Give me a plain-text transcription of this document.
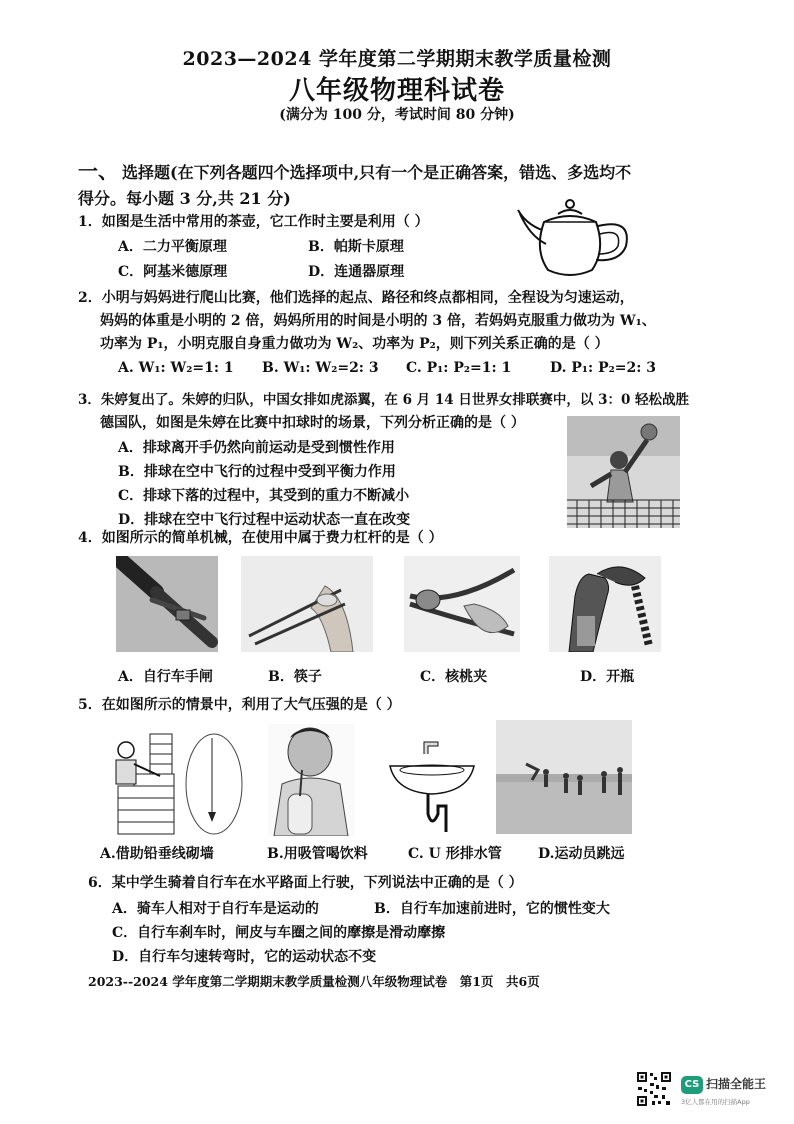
2023—2024 学年度第二学期期末教学质量检测
八年级物理科试卷
(满分为 100 分，考试时间 80 分钟)
一、 选择题(在下列各题四个选择项中,只有一个是正确答案，错选、多选均不
得分。每小题 3 分,共 21 分)
1．如图是生活中常用的茶壶，它工作时主要是利用（ ）
A．二力平衡原理	B．帕斯卡原理
C．阿基米德原理	D．连通器原理
2．小明与妈妈进行爬山比赛，他们选择的起点、路径和终点都相同，全程设为匀速运动，
妈妈的体重是小明的 2 倍，妈妈所用的时间是小明的 3 倍，若妈妈克服重力做功为 W₁、
功率为 P₁，小明克服自身重力做功为 W₂、功率为 P₂，则下列关系正确的是（ ）
A. W₁: W₂=1: 1 B. W₁: W₂=2: 3 C. P₁: P₂=1: 1	D. P₁: P₂=2: 3
3．朱婷复出了。朱婷的归队，中国女排如虎添翼，在 6 月 14 日世界女排联赛中，以 3：0 轻松战胜
德国队，如图是朱婷在比赛中扣球时的场景，下列分析正确的是（ ）
A．排球离开手仍然向前运动是受到惯性作用
B．排球在空中飞行的过程中受到平衡力作用
C．排球下落的过程中，其受到的重力不断减小
D．排球在空中飞行过程中运动状态一直在改变
4．如图所示的简单机械，在使用中属于费力杠杆的是（ ）
A．自行车手闸	B．筷子	C．核桃夹	D．开瓶
5．在如图所示的情景中，利用了大气压强的是（ ）
A.借助铅垂线砌墙	B.用吸管喝饮料	C. U 形排水管	D.运动员跳远
6．某中学生骑着自行车在水平路面上行驶，下列说法中正确的是（ ）
A．骑车人相对于自行车是运动的	B．自行车加速前进时，它的惯性变大
C．自行车刹车时，闸皮与车圈之间的摩擦是滑动摩擦
D．自行车匀速转弯时，它的运动状态不变
2023--2024 学年度第二学期期末教学质量检测八年级物理试卷　第1页　共6页
CS 扫描全能王
3亿人都在用的扫描App
